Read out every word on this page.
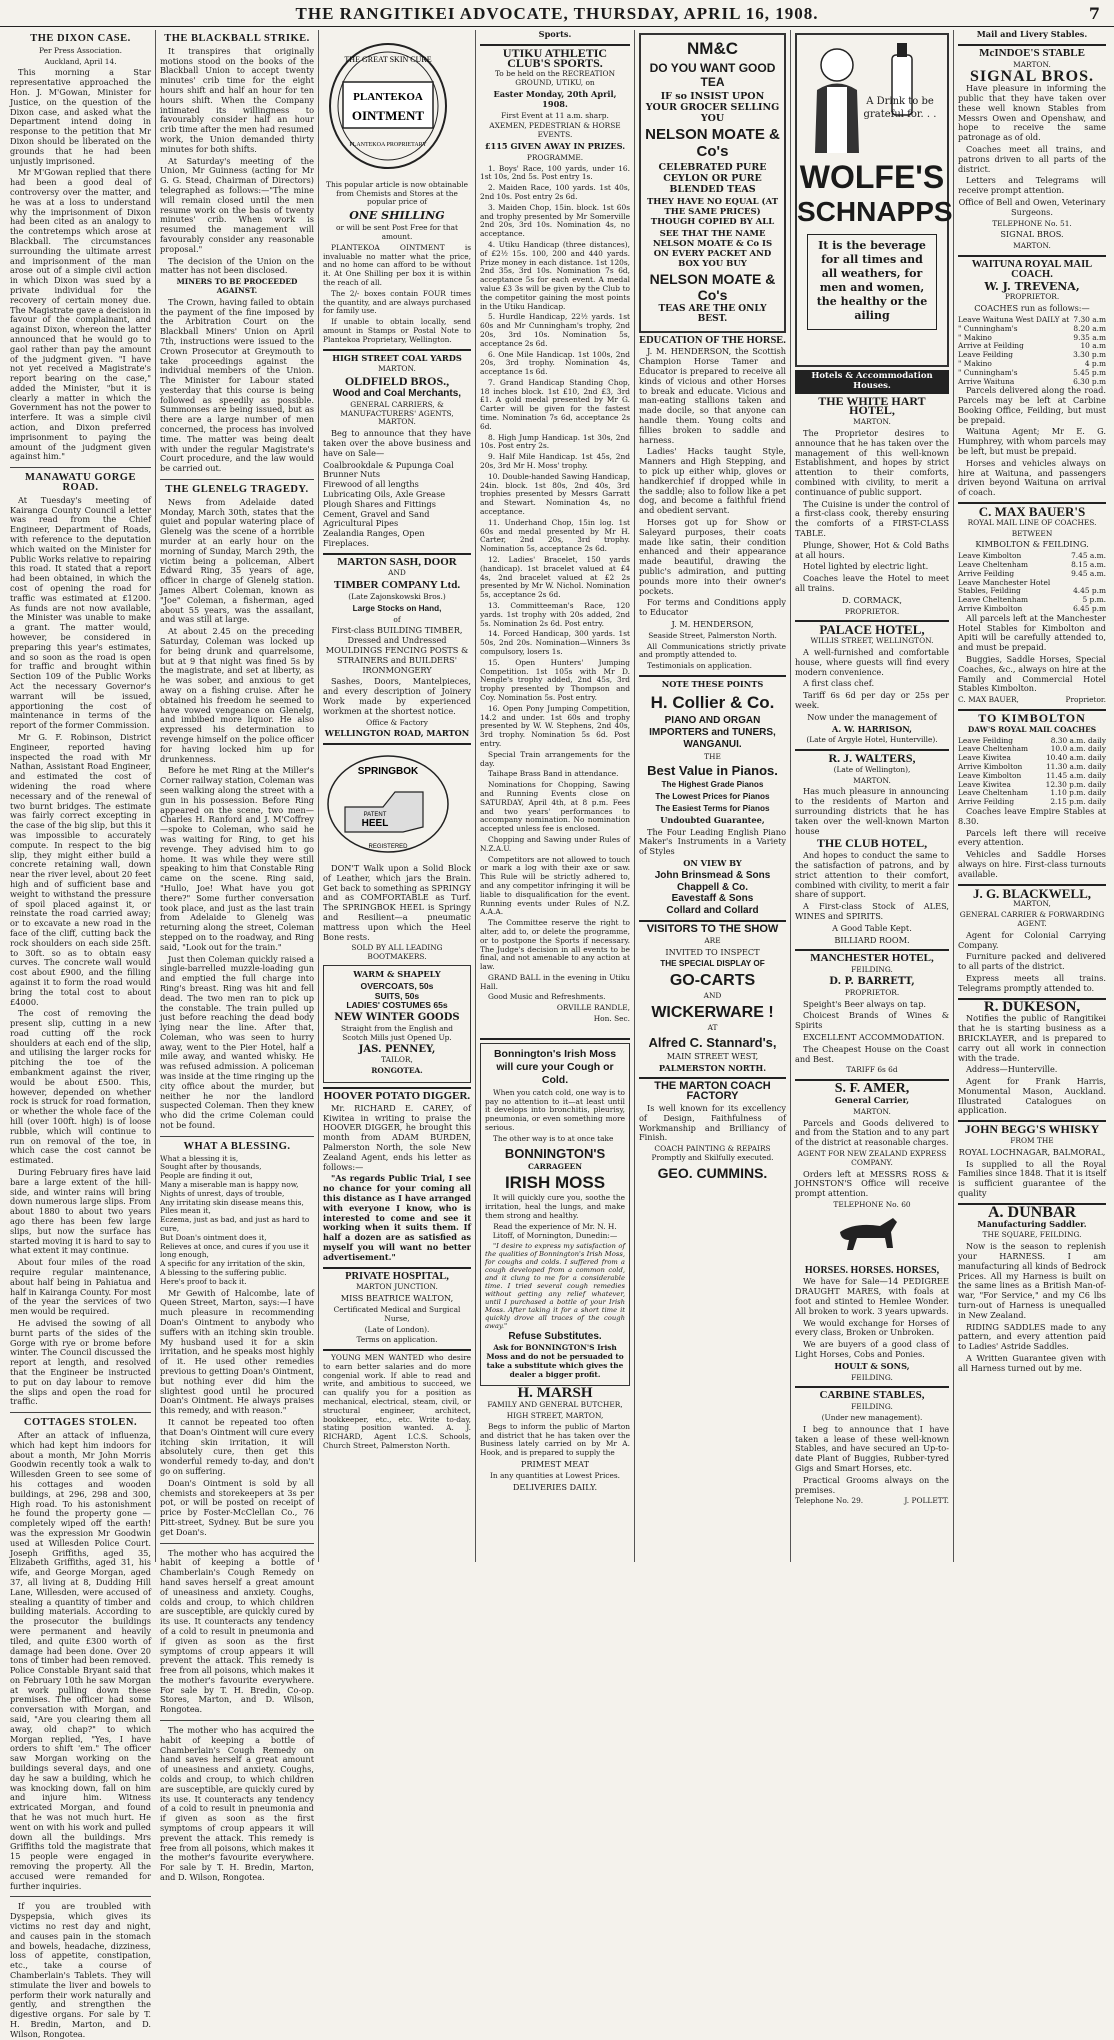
THE RANGITIKEI ADVOCATE, THURSDAY, APRIL 16, 1908.	7
THE DIXON CASE.

Per Press Association.

Auckland, April 14.

This morning a Star representative approached the Hon. J. M'Gowan, Minister for Justice, on the question of the Dixon case, and asked what the Department intend doing in response to the petition that Mr Dixon should be liberated on the grounds that he had been unjustly imprisoned.

Mr M'Gowan replied that there had been a good deal of controversy over the matter, and he was at a loss to understand why the imprisonment of Dixon had been cited as an analogy to the contretemps which arose at Blackball. The circumstances surrounding the ultimate arrest and imprisonment of the man arose out of a simple civil action in which Dixon was sued by a private individual for the recovery of certain money due. The Magistrate gave a decision in favour of the complainant, and against Dixon, whereon the latter announced that he would go to gaol rather than pay the amount of the judgment given. "I have not yet received a Magistrate's report bearing on the case," added the Minister, "but it is clearly a matter in which the Government has not the power to interfere. It was a simple civil action, and Dixon preferred imprisonment to paying the amount of the judgment given against him."

MANAWATU GORGE ROAD.

At Tuesday's meeting of Kairanga County Council a letter was read from the Chief Engineer, Department of Roads, with reference to the deputation which waited on the Minister for Public Works relative to repairing this road. It stated that a report had been obtained, in which the cost of opening the road for traffic was estimated at £1200. As funds are not now available, the Minister was unable to make a grant. The matter would, however, be considered in preparing this year's estimates, and so soon as the road is open for traffic and brought within Section 109 of the Public Works Act the necessary Governor's warrant will be issued, apportioning the cost of maintenance in terms of the report of the former Commission.

Mr G. F. Robinson, District Engineer, reported having inspected the road with Mr Nathan, Assistant Road Engineer, and estimated the cost of widening the road where necessary and of the renewal of two burnt bridges. The estimate was fairly correct excepting in the case of the big slip, but this it was impossible to accurately compute. In respect to the big slip, they might either build a concrete retaining wall, down near the river level, about 20 feet high and of sufficient base and weight to withstand the pressure of spoil placed against it, or reinstate the road carried away; or to excavate a new road in the face of the cliff, cutting back the rock shoulders on each side 25ft. to 30ft. so as to obtain easy curves. The concrete wall would cost about £900, and the filling against it to form the road would bring the total cost to about £4000.

The cost of removing the present slip, cutting in a new road cutting off the rock shoulders at each end of the slip, and utilising the larger rocks for pitching the toe of the embankment against the river, would be about £500. This, however, depended on whether rock is struck for road formation, or whether the whole face of the hill (over 100ft. high) is of loose rubble, which will continue to run on removal of the toe, in which case the cost cannot be estimated.

During February fires have laid bare a large extent of the hill-side, and winter rains will bring down numerous large slips. From about 1880 to about two years ago there has been few large slips, but now the surface has started moving it is hard to say to what extent it may continue.

About four miles of the road require regular maintenance, about half being in Pahiatua and half in Kairanga County. For most of the year the services of two men would be required.

He advised the sowing of all burnt parts of the sides of the Gorge with rye or brome before winter. The Council discussed the report at length, and resolved that the Engineer be instructed to put on day labour to remove the slips and open the road for traffic.

COTTAGES STOLEN.

After an attack of influenza, which had kept him indoors for about a month, Mr John Morris Goodwin recently took a walk to Willesden Green to see some of his cottages and wooden buildings, at 296, 298 and 300, High road. To his astonishment he found the property gone — completely wiped off the earth! was the expression Mr Goodwin used at Willesden Police Court. Joseph Griffiths, aged 35, Elizabeth Griffiths, aged 31, his wife, and George Morgan, aged 37, all living at 8, Dudding Hill Lane, Willesden, were accused of stealing a quantity of timber and building materials. According to the prosecutor the buildings were permanent and heavily tiled, and quite £300 worth of damage had been done. Over 20 tons of timber had been removed. Police Constable Bryant said that on February 10th he saw Morgan at work pulling down these premises. The officer had some conversation with Morgan, and said, "Are you clearing them all away, old chap?" to which Morgan replied, "Yes, I have orders to shift 'em." The officer saw Morgan working on the buildings several days, and one day he saw a building, which he was knocking down, fall on him and injure him. Witness extricated Morgan, and found that he was not much hurt. He went on with his work and pulled down all the buildings. Mrs Griffiths told the magistrate that 15 people were engaged in removing the property. All the accused were remanded for further inquiries.

If you are troubled with Dyspepsia, which gives its victims no rest day and night, and causes pain in the stomach and bowels, headache, dizziness, loss of appetite, constipation, etc., take a course of Chamberlain's Tablets. They will stimulate the liver and bowels to perform their work naturally and gently, and strengthen the digestive organs. For sale by T. H. Bredin, Marton, and D. Wilson, Rongotea.

THE BLACKBALL STRIKE.

It transpires that originally motions stood on the books of the Blackball Union to accept twenty minutes' crib time for the eight hours shift and half an hour for ten hours shift. When the Company intimated its willingness to favourably consider half an hour crib time after the men had resumed work, the Union demanded thirty minutes for both shifts.

At Saturday's meeting of the Union, Mr Guinness (acting for Mr G. G. Stead, Chairman of Directors) telegraphed as follows:—"The mine will remain closed until the men resume work on the basis of twenty minutes' crib. When work is resumed the management will favourably consider any reasonable proposal."

The decision of the Union on the matter has not been disclosed.

MINERS TO BE PROCEEDED AGAINST.

The Crown, having failed to obtain the payment of the fine imposed by the Arbitration Court on the Blackball Miners' Union on April 7th, instructions were issued to the Crown Prosecutor at Greymouth to take proceedings against the individual members of the Union. The Minister for Labour stated yesterday that this course is being followed as speedily as possible. Summonses are being issued, but as there are a large number of men concerned, the process has involved time. The matter was being dealt with under the regular Magistrate's Court procedure, and the law would be carried out.

THE GLENELG TRAGEDY.

News from Adelaide dated Monday, March 30th, states that the quiet and popular watering place of Glenelg was the scene of a horrible murder at an early hour on the morning of Sunday, March 29th, the victim being a policeman, Albert Edward Ring, 35 years of age, officer in charge of Glenelg station. James Albert Coleman, known as "Joe" Coleman, a fisherman, aged about 55 years, was the assailant, and was still at large.

At about 2.45 on the preceding Saturday, Coleman was locked up for being drunk and quarrelsome, but at 9 that night was fined 5s by the magistrate, and set at liberty, as he was sober, and anxious to get away on a fishing cruise. After he obtained his freedom he seemed to have vowed vengeance on Glenelg, and imbibed more liquor. He also expressed his determination to revenge himself on the police officer for having locked him up for drunkenness.

Before he met Ring at the Miller's Corner railway station, Coleman was seen walking along the street with a gun in his possession. Before Ring appeared on the scene, two men—Charles H. Ranford and J. M'Coffrey—spoke to Coleman, who said he was waiting for Ring, to get his revenge. They advised him to go home. It was while they were still speaking to him that Constable Ring came on the scene. Ring said, "Hullo, Joe! What have you got there?" Some further conversation took place, and just as the last train from Adelaide to Glenelg was returning along the street, Coleman stepped on to the roadway, and Ring said, "Look out for the train."

Just then Coleman quickly raised a single-barrelled muzzle-loading gun and emptied the full charge into Ring's breast. Ring was hit and fell dead. The two men ran to pick up the constable. The train pulled up just before reaching the dead body lying near the line. After that, Coleman, who was seen to hurry away, went to the Pier Hotel, half a mile away, and wanted whisky. He was refused admission. A policeman was inside at the time ringing up the city office about the murder, but neither he nor the landlord suspected Coleman. Then they knew who did the crime Coleman could not be found.

WHAT A BLESSING.

What a blessing it is,
Sought after by thousands,
People are finding it out,
Many a miserable man is happy now,
Nights of unrest, days of trouble,
Any irritating skin disease means this,
Piles mean it,
Eczema, just as bad, and just as hard to cure,
But Doan's ointment does it,
Relieves at once, and cures if you use it long enough,
A specific for any irritation of the skin,
A blessing to the suffering public.
Here's proof to back it.

Mr Gewith of Halcombe, late of Queen Street, Marton, says:—I have much pleasure in recommending Doan's Ointment to anybody who suffers with an itching skin trouble. My husband used it for a skin irritation, and he speaks most highly of it. He used other remedies previous to getting Doan's Ointment, but nothing ever did him the slightest good until he procured Doan's Ointment. He always praises this remedy, and with reason."

It cannot be repeated too often that Doan's Ointment will cure every itching skin irritation, it will absolutely cure, then get this wonderful remedy to-day, and don't go on suffering.

Doan's Ointment is sold by all chemists and storekeepers at 3s per pot, or will be posted on receipt of price by Foster-McClellan Co., 76 Pitt-street, Sydney. But be sure you get Doan's.

The mother who has acquired the habit of keeping a bottle of Chamberlain's Cough Remedy on hand saves herself a great amount of uneasiness and anxiety. Coughs, colds and croup, to which children are susceptible, are quickly cured by its use. It counteracts any tendency of a cold to result in pneumonia and if given as soon as the first symptoms of croup appears it will prevent the attack. This remedy is free from all poisons, which makes it the mother's favourite everywhere. For sale by T. H. Bredin, Co-op. Stores, Marton, and D. Wilson, Rongotea.

The mother who has acquired the habit of keeping a bottle of Chamberlain's Cough Remedy on hand saves herself a great amount of uneasiness and anxiety. Coughs, colds and croup, to which children are susceptible, are quickly cured by its use. It counteracts any tendency of a cold to result in pneumonia and if given as soon as the first symptoms of croup appears it will prevent the attack. This remedy is free from all poisons, which makes it the mother's favourite everywhere. For sale by T. H. Bredin, Marton, and D. Wilson, Rongotea.

THE GREAT SKIN CURE
PLANTEKOA
OINTMENT
PLANTEKOA PROPRIETARY

This popular article is now obtainable from Chemists and Stores at the popular price of

ONE SHILLING

or will be sent Post Free for that amount.

PLANTEKOA OINTMENT is invaluable no matter what the price, and no home can afford to be without it. At One Shilling per box it is within the reach of all.

The 2/- boxes contain FOUR times the quantity, and are always purchased for family use.

If unable to obtain locally, send amount in Stamps or Postal Note to Plantekoa Proprietary, Wellington.

HIGH STREET COAL YARDS

MARTON.

OLDFIELD BROS.,

Wood and Coal Merchants,

GENERAL CARRIERS, & MANUFACTURERS' AGENTS, MARTON.

Beg to announce that they have taken over the above business and have on Sale—

Coalbrookdale & Pupunga Coal
Brunner Nuts
Firewood of all lengths
Lubricating Oils, Axle Grease
Plough Shares and Fittings
Cement, Gravel and Sand
Agricultural Pipes
Zealandia Ranges, Open Fireplaces.

MARTON SASH, DOOR

AND

TIMBER COMPANY Ltd.

(Late Zajonskowski Bros.)

Large Stocks on Hand,

of

First-class BUILDING TIMBER, Dressed and Undressed MOULDINGS FENCING POSTS & STRAINERS and BUILDERS' IRONMONGERY

Sashes, Doors, Mantelpieces, and every description of Joinery Work made by experienced workmen at the shortest notice.

Office & Factory

WELLINGTON ROAD, MARTON

SPRINGBOK
PATENT
HEEL
REGISTERED

DON'T Walk upon a Solid Block of Leather, which jars the Brain. Get back to something as SPRINGY and as COMFORTABLE as Turf. The SPRINGBOK HEEL is Springy and Resilient—a pneumatic mattress upon which the Heel Bone rests.

SOLD BY ALL LEADING BOOTMAKERS.

WARM & SHAPELY

OVERCOATS, 50s
SUITS, 50s
LADIES' COSTUMES 65s

NEW WINTER GOODS

Straight from the English and Scotch Mills just Opened Up.

JAS. PENNEY,

TAILOR,

RONGOTEA.

HOOVER POTATO DIGGER.

Mr. RICHARD E. CAREY, of Kiwitea in writing to praise the HOOVER DIGGER, he brought this month from ADAM BURDEN, Palmerston North, the sole New Zealand Agent, ends his letter as follows:—

"As regards Public Trial, I see no chance for your coming all this distance as I have arranged with everyone I know, who is interested to come and see it working when it suits them. If half a dozen are as satisfied as myself you will want no better advertisement."

PRIVATE HOSPITAL,

MARTON JUNCTION.

MISS BEATRICE WALTON,

Certificated Medical and Surgical Nurse,

(Late of London).

Terms on application.

YOUNG MEN WANTED who desire to earn better salaries and do more congenial work. If able to read and write, and ambitious to succeed, we can qualify you for a position as mechanical, electrical, steam, civil, or structural engineer, architect, bookkeeper, etc., etc. Write to-day, stating position wanted. A. J. RICHARD, Agent I.C.S. Schools, Church Street, Palmerston North.

Sports.

UTIKU ATHLETIC CLUB'S SPORTS.

To be held on the RECREATION GROUND, UTIKU, on

Easter Monday, 20th April, 1908.

First Event at 11 a.m. sharp.

AXEMEN, PEDESTRIAN & HORSE EVENTS.

£115 GIVEN AWAY IN PRIZES.

PROGRAMME.

1. Boys' Race, 100 yards, under 16. 1st 10s, 2nd 5s. Post entry 1s.

2. Maiden Race, 100 yards. 1st 40s, 2nd 10s. Post entry 2s 6d.

3. Maiden Chop, 15in. block. 1st 60s and trophy presented by Mr Somerville 2nd 20s, 3rd 10s. Nomination 4s, no acceptance.

4. Utiku Handicap (three distances), of £2½ 15s. 100, 200 and 440 yards. Prize money in each distance. 1st 120s, 2nd 35s, 3rd 10s. Nomination 7s 6d, acceptance 5s for each event. A medal value £3 3s will be given by the Club to the competitor gaining the most points in the Utiku Handicap.

5. Hurdle Handicap, 22½ yards. 1st 60s and Mr Cunningham's trophy, 2nd 20s, 3rd 10s. Nomination 5s, acceptance 2s 6d.

6. One Mile Handicap. 1st 100s, 2nd 20s, 3rd trophy. Nomination 4s, acceptance 1s 6d.

7. Grand Handicap Standing Chop, 18 inches block. 1st £10, 2nd £3, 3rd £1. A gold medal presented by Mr G. Carter will be given for the fastest time. Nomination 7s 6d, acceptance 2s 6d.

8. High Jump Handicap. 1st 30s, 2nd 10s. Post entry 2s.

9. Half Mile Handicap. 1st 45s, 2nd 20s, 3rd Mr H. Moss' trophy.

10. Double-handed Sawing Handicap, 24in. block. 1st 80s, 2nd 40s, 3rd trophies presented by Messrs Garratt and Stewart. Nomination 4s, no acceptance.

11. Underhand Chop, 15in log. 1st 60s and medal presented by Mr H. Carter, 2nd 20s, 3rd trophy. Nomination 5s, acceptance 2s 6d.

12. Ladies' Bracelet, 150 yards (handicap). 1st bracelet valued at £4 4s, 2nd bracelet valued at £2 2s presented by Mr W. Nichol. Nomination 5s, acceptance 2s 6d.

13. Committeeman's Race, 120 yards. 1st trophy with 20s added, 2nd 5s. Nomination 2s 6d. Post entry.

14. Forced Handicap, 300 yards. 1st 50s, 2nd 20s. Nomination—Winners 3s compulsory, losers 1s.

15. Open Hunters' Jumping Competition. 1st 105s with Mr D. Nengle's trophy added, 2nd 45s, 3rd trophy presented by Thompson and Coy. Nomination 5s. Post entry.

16. Open Pony Jumping Competition, 14.2 and under. 1st 60s and trophy presented by W. W. Stephens, 2nd 40s, 3rd trophy. Nomination 5s 6d. Post entry.

Special Train arrangements for the day.

Taihape Brass Band in attendance.

Nominations for Chopping, Sawing and Running Events close on SATURDAY, April 4th, at 8 p.m. Fees and two years' performances to accompany nomination. No nomination accepted unless fee is enclosed.

Chopping and Sawing under Rules of N.Z.A.U.

Competitors are not allowed to touch or mark a log with their axe or saw. This Rule will be strictly adhered to, and any competitor infringing it will be liable to disqualification for the event. Running events under Rules of N.Z. A.A.A.

The Committee reserve the right to alter, add to, or delete the programme, or to postpone the Sports if necessary. The Judge's decision in all events to be final, and not amenable to any action at law.

GRAND BALL in the evening in Utiku Hall.

Good Music and Refreshments.

ORVILLE RANDLE,

Hon. Sec.

Bonnington's Irish Moss will cure your Cough or Cold.

When you catch cold, one way is to pay no attention to it—at least until it develops into bronchitis, pleurisy, pneumonia, or even something more serious.

The other way is to at once take

BONNINGTON'S

CARRAGEEN

IRISH MOSS

It will quickly cure you, soothe the irritation, heal the lungs, and make them strong and healthy.

Read the experience of Mr. N. H. Litoff, of Mornington, Dunedin:—

"I desire to express my satisfaction of the qualities of Bonnington's Irish Moss, for coughs and colds. I suffered from a cough developed from a common cold, and it clung to me for a considerable time. I tried several cough remedies without getting any relief whatever, until I purchased a bottle of your Irish Moss. After taking it for a short time it quickly drove all traces of the cough away."

Refuse Substitutes.

Ask for BONNINGTON'S Irish Moss and do not be persuaded to take a substitute which gives the dealer a bigger profit.

H. MARSH

FAMILY AND GENERAL BUTCHER,

HIGH STREET, MARTON,

Begs to inform the public of Marton and district that he has taken over the Business lately carried on by Mr A. Hook, and is prepared to supply the

PRIMEST MEAT

In any quantities at Lowest Prices.

DELIVERIES DAILY.

NM&C

DO YOU WANT GOOD TEA

IF so INSIST UPON YOUR GROCER SELLING YOU

NELSON MOATE & Co's

CELEBRATED PURE CEYLON OR PURE BLENDED TEAS

THEY HAVE NO EQUAL (AT THE SAME PRICES) THOUGH COPIED BY ALL

SEE THAT THE NAME NELSON MOATE & Co IS ON EVERY PACKET AND BOX YOU BUY

NELSON MOATE & Co's

TEAS ARE THE ONLY BEST.

EDUCATION OF THE HORSE.

J. M. HENDERSON, the Scottish Champion Horse Tamer and Educator is prepared to receive all kinds of vicious and other Horses to break and educate. Vicious and man-eating stallions taken and made docile, so that anyone can handle them. Young colts and fillies broken to saddle and harness.

Ladies' Hacks taught Style, Manners and High Stepping, and to pick up either whip, gloves or handkerchief if dropped while in the saddle; also to follow like a pet dog, and become a faithful friend and obedient servant.

Horses got up for Show or Saleyard purposes, their coats made like satin, their condition enhanced and their appearance made beautiful, drawing the public's admiration, and putting pounds more into their owner's pockets.

For terms and Conditions apply to Educator

J. M. HENDERSON,

Seaside Street, Palmerston North.

All Communications strictly private and promptly attended to.

Testimonials on application.

NOTE THESE POINTS

H. Collier & Co.

PIANO AND ORGAN IMPORTERS and TUNERS, WANGANUI.

THE

Best Value in Pianos.

The Highest Grade Pianos

The Lowest Prices for Pianos

The Easiest Terms for Pianos

Undoubted Guarantee,

The Four Leading English Piano Maker's Instruments in a Variety of Styles

ON VIEW BY

John Brinsmead & Sons

Chappell & Co.

Eavestaff & Sons

Collard and Collard

VISITORS TO THE SHOW

ARE

INVITED TO INSPECT

THE SPECIAL DISPLAY OF

GO-CARTS

AND

WICKERWARE !

AT

Alfred C. Stannard's,

MAIN STREET WEST,

PALMERSTON NORTH.

THE MARTON COACH FACTORY

Is well known for its excellency of Design, Faithfulness of Workmanship and Brilliancy of Finish.

COACH PAINTING & REPAIRS Promptly and Skilfully executed.

GEO. CUMMINS.

A Drink to be grateful for. . .

WOLFE'S

SCHNAPPS

It is the beverage for all times and all weathers, for men and women, the healthy or the ailing

Hotels & Accommodation Houses.
THE WHITE HART HOTEL,

MARTON.

The Proprietor desires to announce that he has taken over the management of this well-known Establishment, and hopes by strict attention to their comforts, combined with civility, to merit a continuance of public support.

The Cuisine is under the control of a first-class cook, thereby ensuring the comforts of a FIRST-CLASS TABLE.

Plunge, Shower, Hot & Cold Baths at all hours.

Hotel lighted by electric light.

Coaches leave the Hotel to meet all trains.

D. CORMACK,

PROPRIETOR.

PALACE HOTEL,

WILLIS STREET, WELLINGTON.

A well-furnished and comfortable house, where guests will find every modern convenience.

A first class chef.

Tariff 6s 6d per day or 25s per week.

Now under the management of

A. W. HARRISON,

(Late of Argyle Hotel, Hunterville).

R. J. WALTERS,

(Late of Wellington),

MARTON.

Has much pleasure in announcing to the residents of Marton and surrounding districts that he has taken over the well-known Marton house

THE CLUB HOTEL,

And hopes to conduct the same to the satisfaction of patrons, and by strict attention to their comfort, combined with civility, to merit a fair share of support.

A First-class Stock of ALES, WINES and SPIRITS.

A Good Table Kept.

BILLIARD ROOM.

MANCHESTER HOTEL,

FEILDING.

D. P. BARRETT,

PROPRIETOR.

Speight's Beer always on tap.

Choicest Brands of Wines & Spirits

EXCELLENT ACCOMMODATION.

The Cheapest House on the Coast and Best.

TARIFF 6s 6d

S. F. AMER,

General Carrier,

MARTON.

Parcels and Goods delivered to and from the Station and to any part of the district at reasonable charges.

AGENT FOR NEW ZEALAND EXPRESS COMPANY.

Orders left at MESSRS ROSS & JOHNSTON'S Office will receive prompt attention.

TELEPHONE No. 60

HORSES. HORSES. HORSES,

We have for Sale—14 PEDIGREE DRAUGHT MARES, with foals at foot and stinted to Hemlee Wonder. All broken to work. 3 years upwards.

We would exchange for Horses of every class, Broken or Unbroken.

We are buyers of a good class of Light Horses, Cobs and Ponies.

HOULT & SONS,

FEILDING.

CARBINE STABLES,

FEILDING.

(Under new management).

I beg to announce that I have taken a lease of these well-known Stables, and have secured an Up-to-date Plant of Buggies, Rubber-tyred Gigs and Smart Horses, etc.

Practical Grooms always on the premises.

Telephone No. 29.	J. POLLETT.

Mail and Livery Stables.

McINDOE'S STABLE

MARTON.

SIGNAL BROS.

Have pleasure in informing the public that they have taken over these well known Stables from Messrs Owen and Openshaw, and hope to receive the same patronage as of old.

Coaches meet all trains, and patrons driven to all parts of the district.

Letters and Telegrams will receive prompt attention.

Office of Bell and Owen, Veterinary Surgeons.

TELEPHONE No. 51.

SIGNAL BROS.

MARTON.

WAITUNA ROYAL MAIL COACH.

W. J. TREVENA,

PROPRIETOR.

COACHES run as follows:—

Leave Waituna West DAILY at 7.30 a.m
" Cunningham's	8.20 a.m
" Makino	9.35 a.m
Arrive at Feilding	10 a.m
Leave Feilding	3.30 p.m
" Makino	4 p.m
" Cunningham's	5.45 p.m
Arrive Waituna	6.30 p.m

Parcels delivered along the road. Parcels may be left at Carbine Booking Office, Feilding, but must be prepaid.

Waituna Agent; Mr E. G. Humphrey, with whom parcels may be left, but must be prepaid.

Horses and vehicles always on hire at Waituna, and passengers driven beyond Waituna on arrival of coach.

C. MAX BAUER'S

ROYAL MAIL LINE OF COACHES.

BETWEEN

KIMBOLTON & FEILDING.

Leave Kimbolton	7.45 a.m.
Leave Cheltenham	8.15 a.m.
Arrive Feilding	9.45 a.m.
Leave Manchester Hotel
Stables, Feilding	4.45 p.m
Leave Cheltenham	5 p.m.
Arrive Kimbolton	6.45 p.m

All parcels left at the Manchester Hotel Stables for Kimbolton and Apiti will be carefully attended to, and must be prepaid.

Buggies, Saddle Horses, Special Coaches, &c., always on hire at the Family and Commercial Hotel Stables Kimbolton.

C. MAX BAUER,	Proprietor.
TO KIMBOLTON

DAW'S ROYAL MAIL COACHES

Leave Feilding	8.30 a.m. daily
Leave Cheltenham	10.0 a.m. daily
Leave Kiwitea	10.40 a.m. daily
Arrive Kimbolton	11.30 a.m. daily
Leave Kimbolton	11.45 a.m. daily
Leave Kiwitea	12.30 p.m. daily
Leave Cheltenham	1.10 p.m. daily
Arrive Feilding	2.15 p.m. daily

Coaches leave Empire Stables at 8.30.

Parcels left there will receive every attention.

Vehicles and Saddle Horses always on hire. First-class turnouts available.

J. G. BLACKWELL,

MARTON,

GENERAL CARRIER & FORWARDING AGENT.

Agent for Colonial Carrying Company.

Furniture packed and delivered to all parts of the district.

Express meets all trains. Telegrams promptly attended to.

R. DUKESON,

Notifies the public of Rangitikei that he is starting business as a BRICKLAYER, and is prepared to carry out all work in connection with the trade.

Address—Hunterville.

Agent for Frank Harris, Monumental Mason, Auckland. Illustrated Catalogues on application.

JOHN BEGG'S WHISKY

FROM THE

ROYAL LOCHNAGAR, BALMORAL,

Is supplied to all the Royal Families since 1848. That it is itself is sufficient guarantee of the quality

A. DUNBAR

Manufacturing Saddler.

THE SQUARE, FEILDING.

Now is the season to replenish your HARNESS. I am manufacturing all kinds of Bedrock Prices. All my Harness is built on the same lines as a British Man-of-war, "For Service," and my C6 lbs turn-out of Harness is unequalled in New Zealand.

RIDING SADDLES made to any pattern, and every attention paid to Ladies' Astride Saddles.

A Written Guarantee given with all Harness turned out by me.
